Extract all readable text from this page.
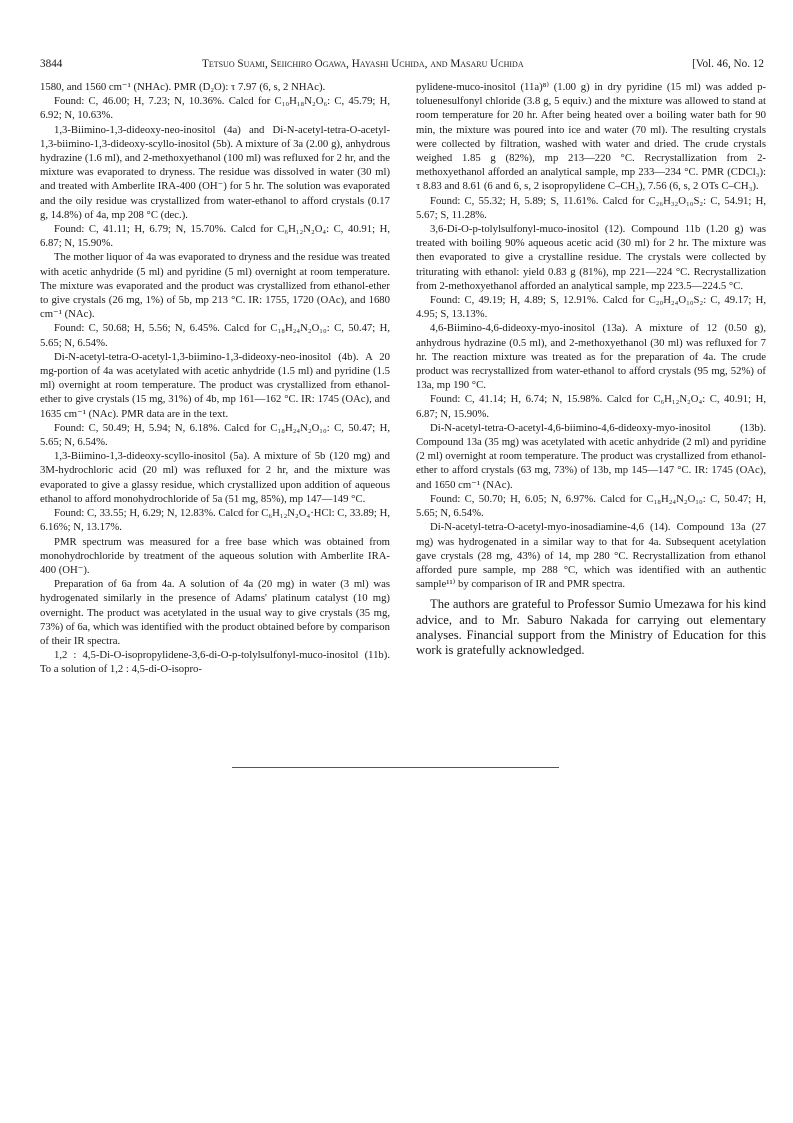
3844	Tetsuo Suami, Seiichiro Ogawa, Hayashi Uchida, and Masaru Uchida	[Vol. 46, No. 12

1580, and 1560 cm⁻¹ (NHAc). PMR (D₂O): τ 7.97 (6, s, 2 NHAc).

Found: C, 46.00; H, 7.23; N, 10.36%. Calcd for C₁₀H₁₈N₂O₆: C, 45.79; H, 6.92; N, 10.63%.

1,3-Biimino-1,3-dideoxy-neo-inositol (4a) and Di-N-acetyl-tetra-O-acetyl-1,3-biimino-1,3-dideoxy-scyllo-inositol (5b). A mixture of 3a (2.00 g), anhydrous hydrazine (1.6 ml), and 2-methoxyethanol (100 ml) was refluxed for 2 hr, and the mixture was evaporated to dryness. The residue was dissolved in water (30 ml) and treated with Amberlite IRA-400 (OH⁻) for 5 hr. The solution was evaporated and the oily residue was crystallized from water-ethanol to afford crystals (0.17 g, 14.8%) of 4a, mp 208 °C (dec.).

Found: C, 41.11; H, 6.79; N, 15.70%. Calcd for C₆H₁₂N₂O₄: C, 40.91; H, 6.87; N, 15.90%.

The mother liquor of 4a was evaporated to dryness and the residue was treated with acetic anhydride (5 ml) and pyridine (5 ml) overnight at room temperature. The mixture was evaporated and the product was crystallized from ethanol-ether to give crystals (26 mg, 1%) of 5b, mp 213 °C. IR: 1755, 1720 (OAc), and 1680 cm⁻¹ (NAc).

Found: C, 50.68; H, 5.56; N, 6.45%. Calcd for C₁₈H₂₄N₂O₁₀: C, 50.47; H, 5.65; N, 6.54%.

Di-N-acetyl-tetra-O-acetyl-1,3-biimino-1,3-dideoxy-neo-inositol (4b). A 20 mg-portion of 4a was acetylated with acetic anhydride (1.5 ml) and pyridine (1.5 ml) overnight at room temperature. The product was crystallized from ethanol-ether to give crystals (15 mg, 31%) of 4b, mp 161—162 °C. IR: 1745 (OAc), and 1635 cm⁻¹ (NAc). PMR data are in the text.

Found: C, 50.49; H, 5.94; N, 6.18%. Calcd for C₁₈H₂₄N₂O₁₀: C, 50.47; H, 5.65; N, 6.54%.

1,3-Biimino-1,3-dideoxy-scyllo-inositol (5a). A mixture of 5b (120 mg) and 3M-hydrochloric acid (20 ml) was refluxed for 2 hr, and the mixture was evaporated to give a glassy residue, which crystallized upon addition of aqueous ethanol to afford monohydrochloride of 5a (51 mg, 85%), mp 147—149 °C.

Found: C, 33.55; H, 6.29; N, 12.83%. Calcd for C₆H₁₂N₂O₄·HCl: C, 33.89; H, 6.16%; N, 13.17%.

PMR spectrum was measured for a free base which was obtained from monohydrochloride by treatment of the aqueous solution with Amberlite IRA-400 (OH⁻).

Preparation of 6a from 4a. A solution of 4a (20 mg) in water (3 ml) was hydrogenated similarly in the presence of Adams' platinum catalyst (10 mg) overnight. The product was acetylated in the usual way to give crystals (35 mg, 73%) of 6a, which was identified with the product obtained before by comparison of their IR spectra.

1,2 : 4,5-Di-O-isopropylidene-3,6-di-O-p-tolylsulfonyl-muco-inositol (11b). To a solution of 1,2 : 4,5-di-O-isopro-

pylidene-muco-inositol (11a)⁸⁾ (1.00 g) in dry pyridine (15 ml) was added p-toluenesulfonyl chloride (3.8 g, 5 equiv.) and the mixture was allowed to stand at room temperature for 20 hr. After being heated over a boiling water bath for 90 min, the mixture was poured into ice and water (70 ml). The resulting crystals were collected by filtration, washed with water and dried. The crude crystals weighed 1.85 g (82%), mp 213—220 °C. Recrystallization from 2-methoxyethanol afforded an analytical sample, mp 233—234 °C. PMR (CDCl₃): τ 8.83 and 8.61 (6 and 6, s, 2 isopropylidene C–CH₃), 7.56 (6, s, 2 OTs C–CH₃).

Found: C, 55.32; H, 5.89; S, 11.61%. Calcd for C₂₆H₃₂O₁₀S₂: C, 54.91; H, 5.67; S, 11.28%.

3,6-Di-O-p-tolylsulfonyl-muco-inositol (12). Compound 11b (1.20 g) was treated with boiling 90% aqueous acetic acid (30 ml) for 2 hr. The mixture was then evaporated to give a crystalline residue. The crystals were collected by triturating with ethanol: yield 0.83 g (81%), mp 221—224 °C. Recrystallization from 2-methoxyethanol afforded an analytical sample, mp 223.5—224.5 °C.

Found: C, 49.19; H, 4.89; S, 12.91%. Calcd for C₂₀H₂₄O₁₀S₂: C, 49.17; H, 4.95; S, 13.13%.

4,6-Biimino-4,6-dideoxy-myo-inositol (13a). A mixture of 12 (0.50 g), anhydrous hydrazine (0.5 ml), and 2-methoxyethanol (30 ml) was refluxed for 7 hr. The reaction mixture was treated as for the preparation of 4a. The crude product was recrystallized from water-ethanol to afford crystals (95 mg, 52%) of 13a, mp 190 °C.

Found: C, 41.14; H, 6.74; N, 15.98%. Calcd for C₆H₁₂N₂O₄: C, 40.91; H, 6.87; N, 15.90%.

Di-N-acetyl-tetra-O-acetyl-4,6-biimino-4,6-dideoxy-myo-inositol (13b). Compound 13a (35 mg) was acetylated with acetic anhydride (2 ml) and pyridine (2 ml) overnight at room temperature. The product was crystallized from ethanol-ether to afford crystals (63 mg, 73%) of 13b, mp 145—147 °C. IR: 1745 (OAc), and 1650 cm⁻¹ (NAc).

Found: C, 50.70; H, 6.05; N, 6.97%. Calcd for C₁₈H₂₄N₂O₁₀: C, 50.47; H, 5.65; N, 6.54%.

Di-N-acetyl-tetra-O-acetyl-myo-inosadiamine-4,6 (14). Compound 13a (27 mg) was hydrogenated in a similar way to that for 4a. Subsequent acetylation gave crystals (28 mg, 43%) of 14, mp 280 °C. Recrystallization from ethanol afforded pure sample, mp 288 °C, which was identified with an authentic sample¹¹⁾ by comparison of IR and PMR spectra.

The authors are grateful to Professor Sumio Umezawa for his kind advice, and to Mr. Saburo Nakada for carrying out elementary analyses. Financial support from the Ministry of Education for this work is gratefully acknowledged.
